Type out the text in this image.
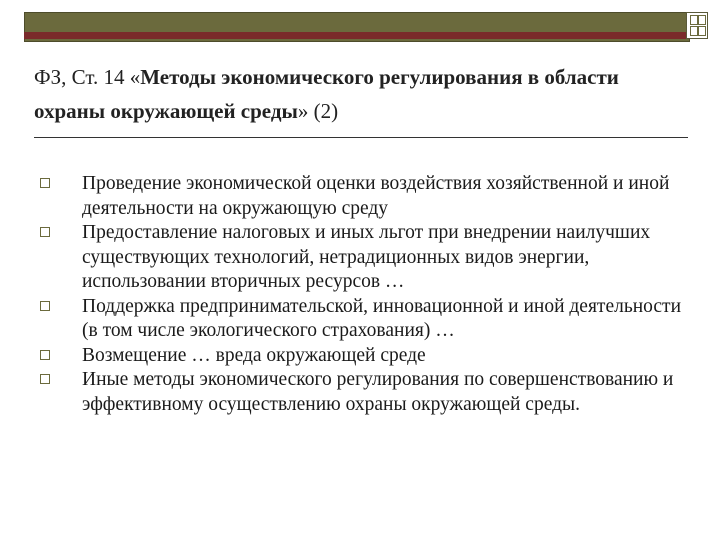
ФЗ, Ст. 14 «Методы экономического регулирования в области охраны окружающей среды» (2)
Проведение экономической оценки воздействия хозяйственной и иной деятельности на окружающую среду
Предоставление налоговых и иных льгот при внедрении наилучших существующих технологий, нетрадиционных видов энергии, использовании вторичных ресурсов …
Поддержка предпринимательской, инновационной и иной деятельности (в том числе экологического страхования) …
Возмещение … вреда окружающей среде
Иные методы экономического регулирования по совершенствованию и эффективному осуществлению охраны окружающей среды.
